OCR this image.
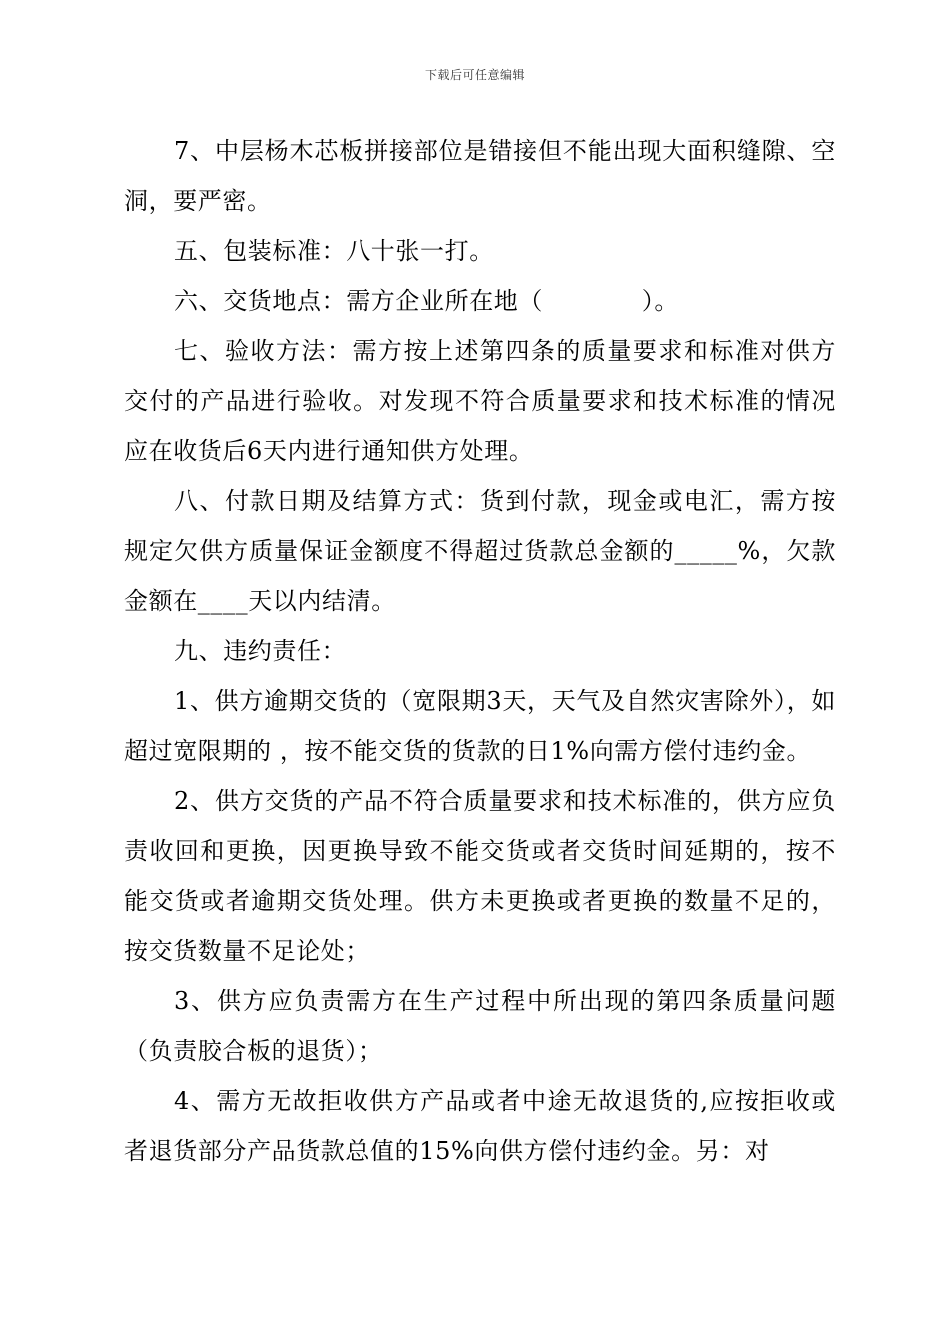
下载后可任意编辑

7、中层杨木芯板拼接部位是错接但不能出现大面积缝隙、空洞，要严密。

五、包装标准：八十张一打。

六、交货地点：需方企业所在地（            ）。

七、验收方法：需方按上述第四条的质量要求和标准对供方交付的产品进行验收。对发现不符合质量要求和技术标准的情况应在收货后6天内进行通知供方处理。

八、付款日期及结算方式：货到付款，现金或电汇，需方按规定欠供方质量保证金额度不得超过货款总金额的_____%，欠款金额在____天以内结清。

九、违约责任：

1、供方逾期交货的（宽限期3天，天气及自然灾害除外），如超过宽限期的 ，按不能交货的货款的日1%向需方偿付违约金。

2、供方交货的产品不符合质量要求和技术标准的，供方应负责收回和更换，因更换导致不能交货或者交货时间延期的，按不能交货或者逾期交货处理。供方未更换或者更换的数量不足的，按交货数量不足论处；

3、供方应负责需方在生产过程中所出现的第四条质量问题（负责胶合板的退货）；

4、需方无故拒收供方产品或者中途无故退货的,应按拒收或者退货部分产品货款总值的15%向供方偿付违约金。另：对
